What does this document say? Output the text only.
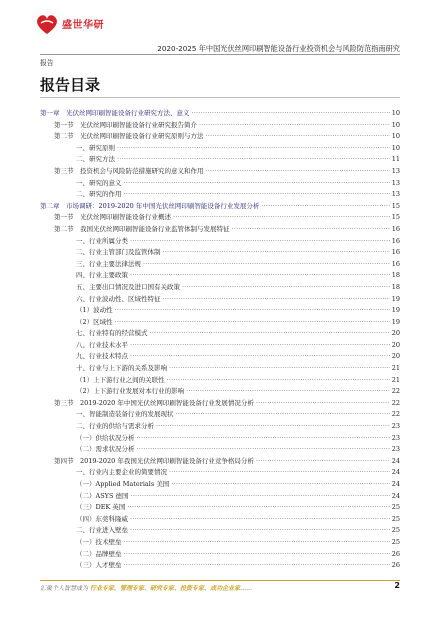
盛世华研
2020-2025 年中国光伏丝网印刷智能设备行业投资机会与风险防范指南研究
报告
报告目录
第一章　光伏丝网印刷智能设备行业研究方法、意义 ·····	10
第一节　光伏丝网印刷智能设备行业研究报告简介 ·····	10
第二节　光伏丝网印刷智能设备行业研究原则与方法 ·····	10
一、研究原则 ·····	10
二、研究方法 ·····	11
第三节　投资机会与风险防范措施研究的意义和作用 ·····	13
一、研究的意义 ·····	13
二、研究的作用 ·····	13
第二章　市场调研：2019-2020 年中国光伏丝网印刷智能设备行业发展分析 ·····	15
第一节　光伏丝网印刷智能设备行业概述 ·····	15
第二节　我国光伏丝网印刷智能设备行业监管体制与发展特征 ·····	16
一、行业所属分类 ·····	16
二、行业主管部门及监管体制 ·····	16
三、行业主要法律法规 ·····	16
四、行业主要政策 ·····	18
五、主要出口情况及进口国有关政策 ·····	18
六、行业波动性、区域性特征 ·····	19
（1）波动性 ·····	19
（2）区域性 ·····	19
七、行业特有的经营模式 ·····	20
八、行业技术水平 ·····	20
九、行业技术特点 ·····	20
十、行业与上下游的关系及影响 ·····	21
（1）上下游行业之间的关联性 ·····	21
（2）上下游行业发展对本行业的影响 ·····	22
第三节　2019-2020 年中国光伏丝网印刷智能设备行业发展情况分析 ·····	22
一、智能制造装备行业的发展现状 ·····	22
二、行业的供给与需求分析 ·····	23
（一）供给状况分析 ·····	23
（二）需求状况分析 ·····	23
第四节　2019-2020 年我国光伏丝网印刷智能设备行业竞争格局分析 ·····	24
一、行业内主要企业的简要情况 ·····	24
（一）Applied Materials 美国 ·····	24
（二）ASYS 德国 ·····	24
（三）DEK 英国 ·····	25
（四）东莞科隆威 ·····	25
二、行业进入壁垒 ·····	25
（一）技术壁垒 ·····	25
（二）品牌壁垒 ·····	26
（三）人才壁垒 ·····	26
汇聚个人智慧成为 行业专家，管理专家、研究专家、投资专家、成功企业家……	2
